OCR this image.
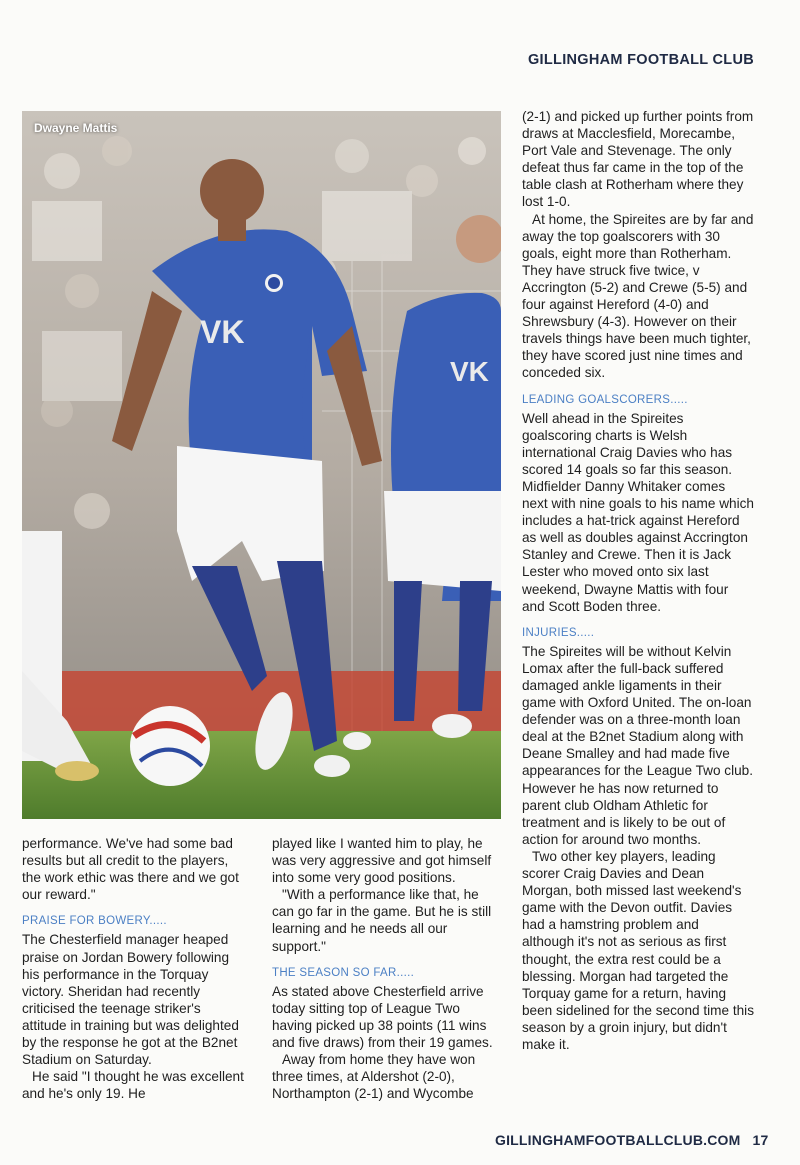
GILLINGHAM FOOTBALL CLUB
VK
VK
Dwayne Mattis

performance. We've had some bad results but all credit to the players, the work ethic was there and we got our reward."

PRAISE FOR BOWERY.....

The Chesterfield manager heaped praise on Jordan Bowery following his performance in the Torquay victory. Sheridan had recently criticised the teenage striker's attitude in training but was delighted by the response he got at the B2net Stadium on Saturday.

He said "I thought he was excellent and he's only 19. He

played like I wanted him to play, he was very aggressive and got himself into some very good positions.

"With a performance like that, he can go far in the game. But he is still learning and he needs all our support."

THE SEASON SO FAR.....

As stated above Chesterfield arrive today sitting top of League Two having picked up 38 points (11 wins and five draws) from their 19 games.

Away from home they have won three times, at Aldershot (2-0), Northampton (2-1) and Wycombe

(2-1) and picked up further points from draws at Macclesfield, Morecambe, Port Vale and Stevenage. The only defeat thus far came in the top of the table clash at Rotherham where they lost 1-0.

At home, the Spireites are by far and away the top goalscorers with 30 goals, eight more than Rotherham. They have struck five twice, v Accrington (5-2) and Crewe (5-5) and four against Hereford (4-0) and Shrewsbury (4-3). However on their travels things have been much tighter, they have scored just nine times and conceded six.

LEADING GOALSCORERS.....

Well ahead in the Spireites goalscoring charts is Welsh international Craig Davies who has scored 14 goals so far this season. Midfielder Danny Whitaker comes next with nine goals to his name which includes a hat-trick against Hereford as well as doubles against Accrington Stanley and Crewe. Then it is Jack Lester who moved onto six last weekend, Dwayne Mattis with four and Scott Boden three.

INJURIES.....

The Spireites will be without Kelvin Lomax after the full-back suffered damaged ankle ligaments in their game with Oxford United. The on-loan defender was on a three-month loan deal at the B2net Stadium along with Deane Smalley and had made five appearances for the League Two club. However he has now returned to parent club Oldham Athletic for treatment and is likely to be out of action for around two months.

Two other key players, leading scorer Craig Davies and Dean Morgan, both missed last weekend's game with the Devon outfit. Davies had a hamstring problem and although it's not as serious as first thought, the extra rest could be a blessing. Morgan had targeted the Torquay game for a return, having been sidelined for the second time this season by a groin injury, but didn't make it.

GILLINGHAMFOOTBALLCLUB.COM 17
